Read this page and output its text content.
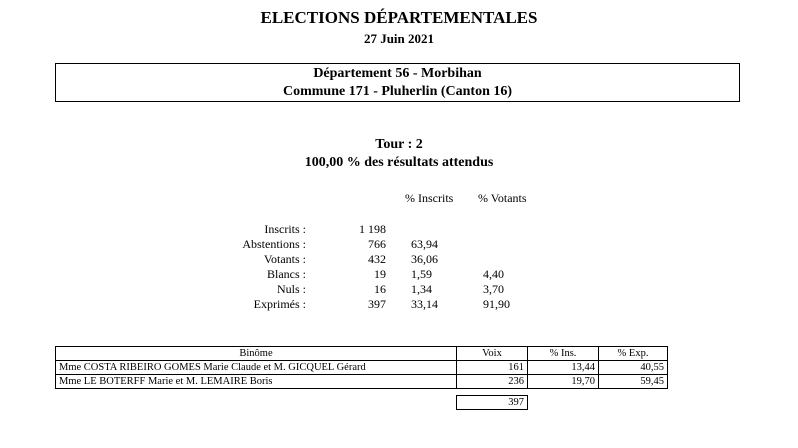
ELECTIONS DÉPARTEMENTALES
27 Juin 2021
Département 56 - Morbihan
Commune 171 - Pluherlin (Canton 16)
Tour : 2
100,00 % des résultats attendus
% Inscrits % Votants
Inscrits :	1 198
Abstentions :	766 63,94
Votants :	432 36,06
Blancs :	19 1,59	4,40
Nuls :	16 1,34	3,70
Exprimés :	397 33,14	91,90
Binôme	Voix	% Ins.	% Exp.
Mme COSTA RIBEIRO GOMES Marie Claude et M. GICQUEL Gérard	161	13,44	40,55
Mme LE BOTERFF Marie et M. LEMAIRE Boris	236	19,70	59,45
397
